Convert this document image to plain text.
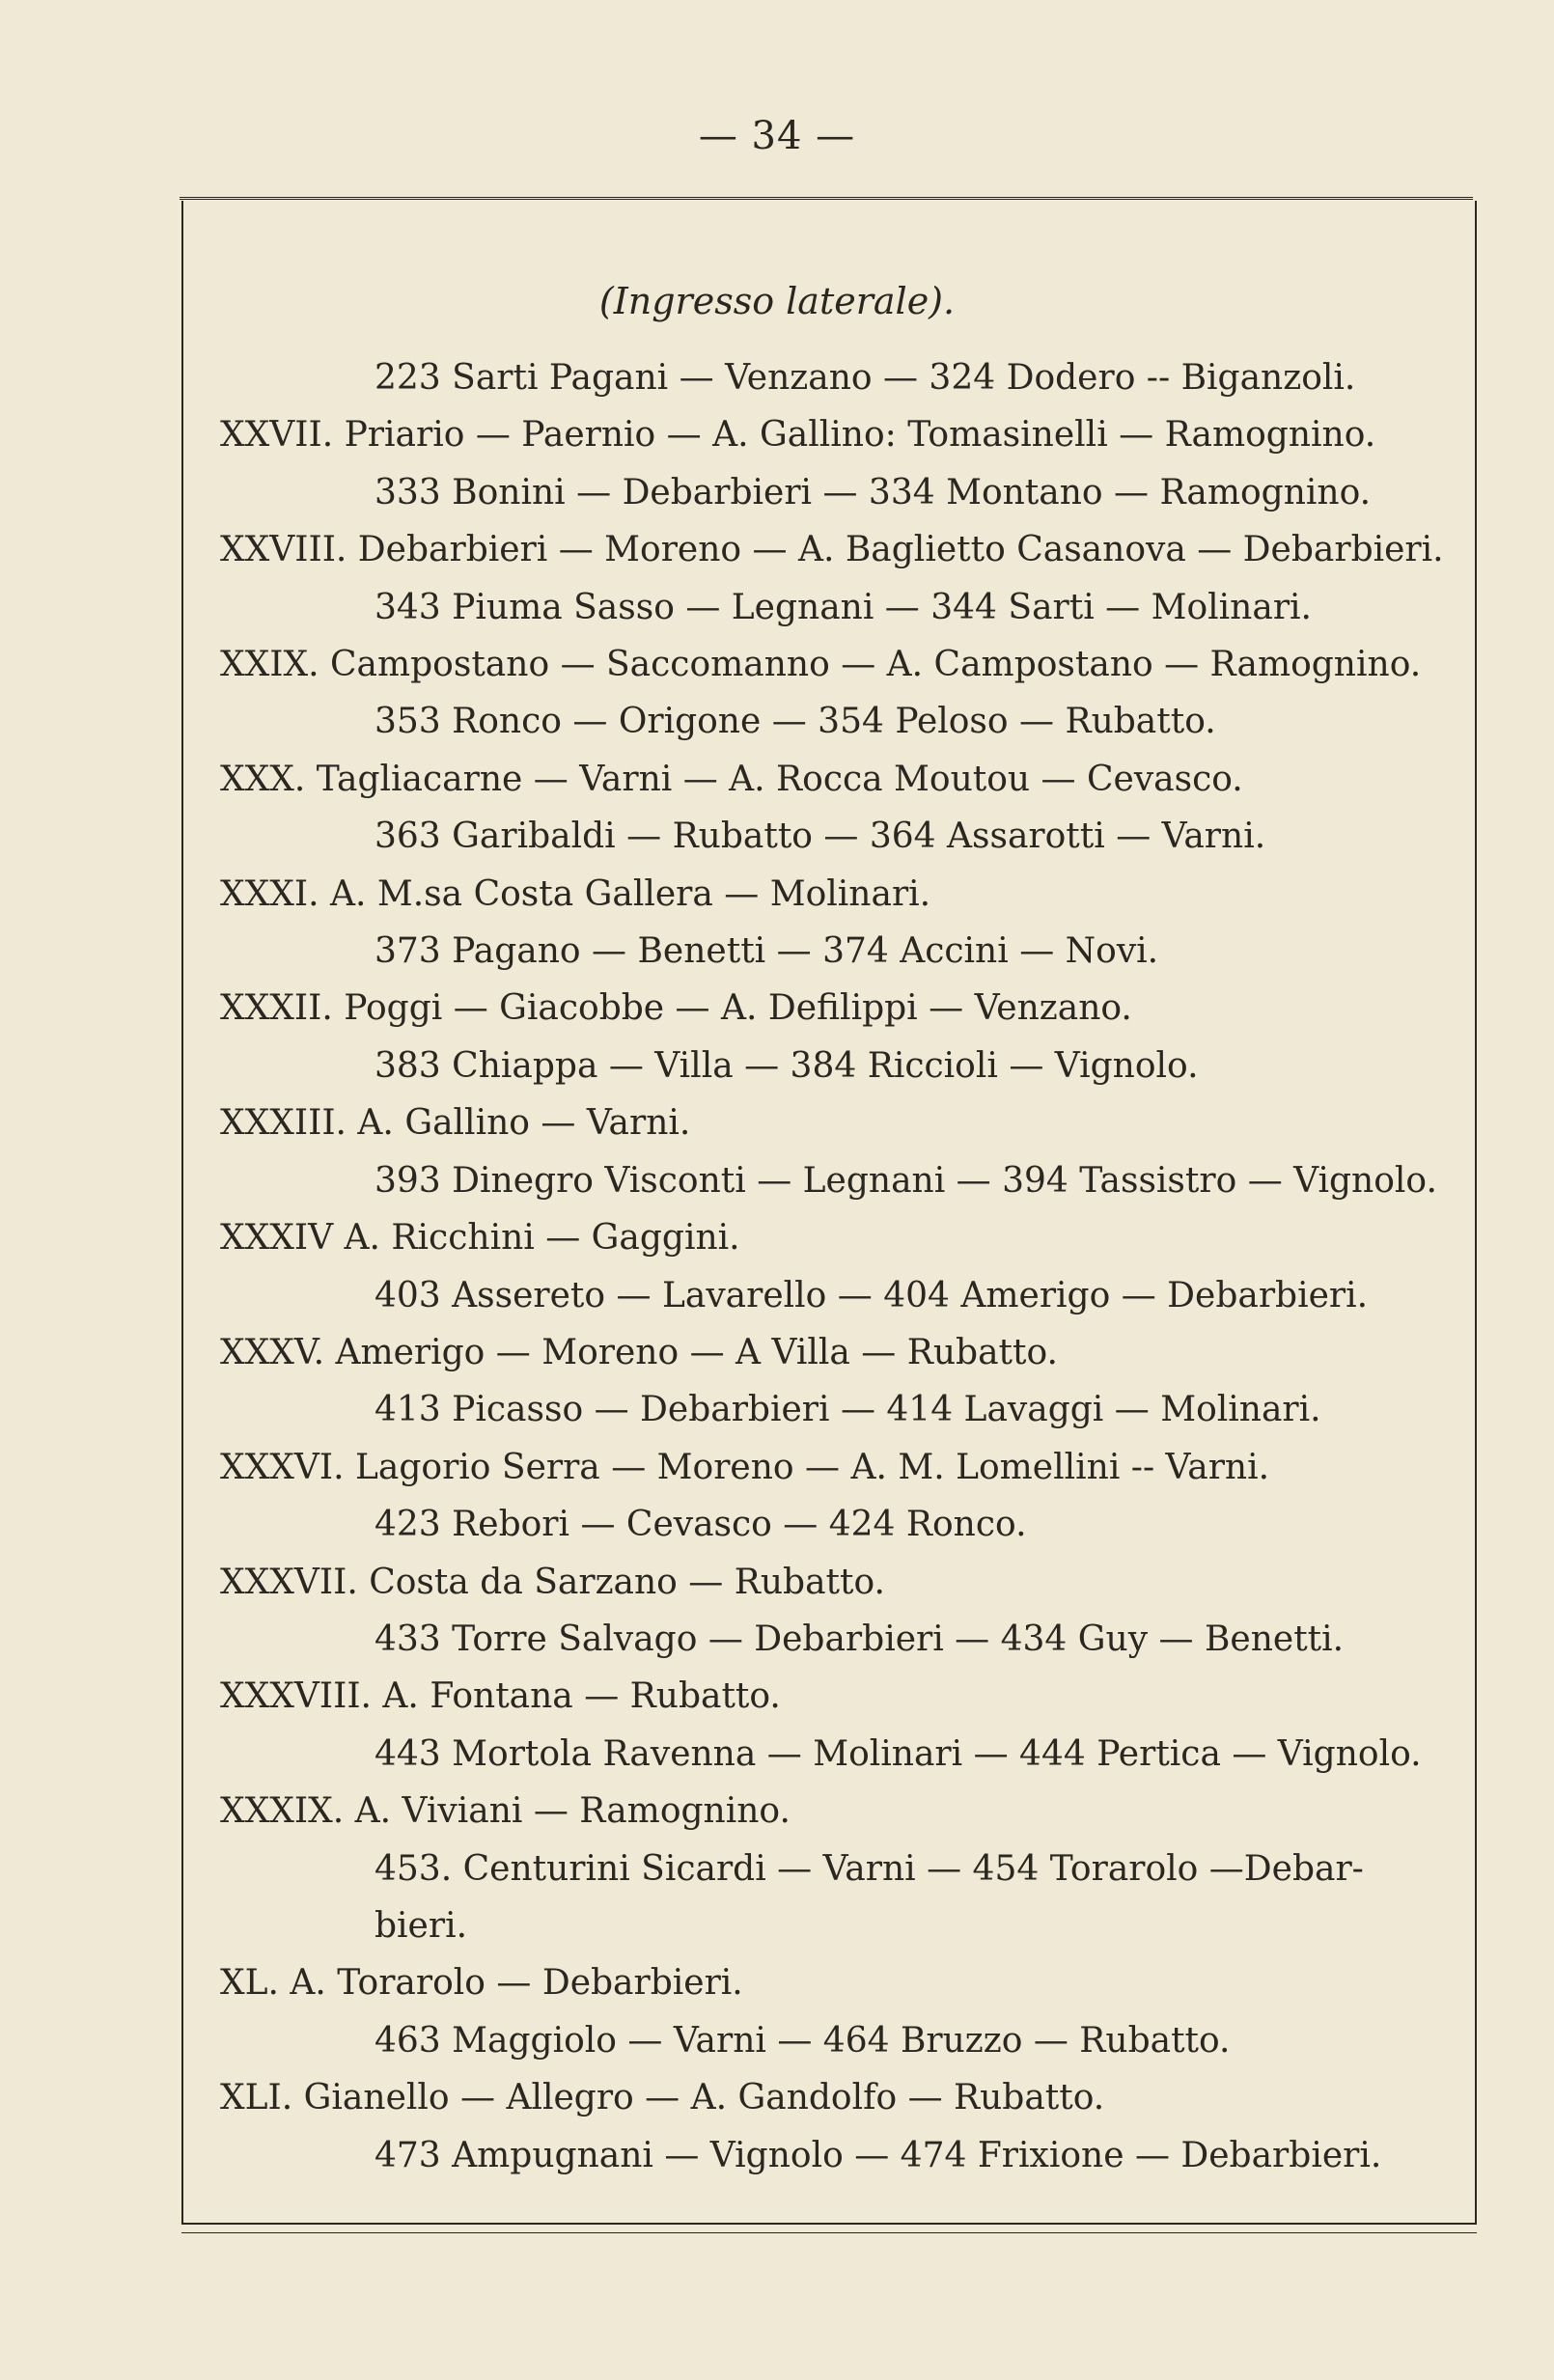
— 34 —
(Ingresso laterale).
223 Sarti Pagani — Venzano — 324 Dodero -- Biganzoli.
XXVII. Priario — Paernio — A. Gallino: Tomasinelli — Ramognino.
333 Bonini — Debarbieri — 334 Montano — Ramognino.
XXVIII. Debarbieri — Moreno — A. Baglietto Casanova — Debarbieri.
343 Piuma Sasso — Legnani — 344 Sarti — Molinari.
XXIX. Campostano — Saccomanno — A. Campostano — Ramognino.
353 Ronco — Origone — 354 Peloso — Rubatto.
XXX. Tagliacarne — Varni — A. Rocca Moutou — Cevasco.
363 Garibaldi — Rubatto — 364 Assarotti — Varni.
XXXI. A. M.sa Costa Gallera — Molinari.
373 Pagano — Benetti — 374 Accini — Novi.
XXXII. Poggi — Giacobbe — A. Defilippi — Venzano.
383 Chiappa — Villa — 384 Riccioli — Vignolo.
XXXIII. A. Gallino — Varni.
393 Dinegro Visconti — Legnani — 394 Tassistro — Vignolo.
XXXIV A. Ricchini — Gaggini.
403 Assereto — Lavarello — 404 Amerigo — Debarbieri.
XXXV. Amerigo — Moreno — A Villa — Rubatto.
413 Picasso — Debarbieri — 414 Lavaggi — Molinari.
XXXVI. Lagorio Serra — Moreno — A. M. Lomellini -- Varni.
423 Rebori — Cevasco — 424 Ronco.
XXXVII. Costa da Sarzano — Rubatto.
433 Torre Salvago — Debarbieri — 434 Guy — Benetti.
XXXVIII. A. Fontana — Rubatto.
443 Mortola Ravenna — Molinari — 444 Pertica — Vignolo.
XXXIX. A. Viviani — Ramognino.
453. Centurini Sicardi — Varni — 454 Torarolo —Debar-
bieri.
XL. A. Torarolo — Debarbieri.
463 Maggiolo — Varni — 464 Bruzzo — Rubatto.
XLI. Gianello — Allegro — A. Gandolfo — Rubatto.
473 Ampugnani — Vignolo — 474 Frixione — Debarbieri.
